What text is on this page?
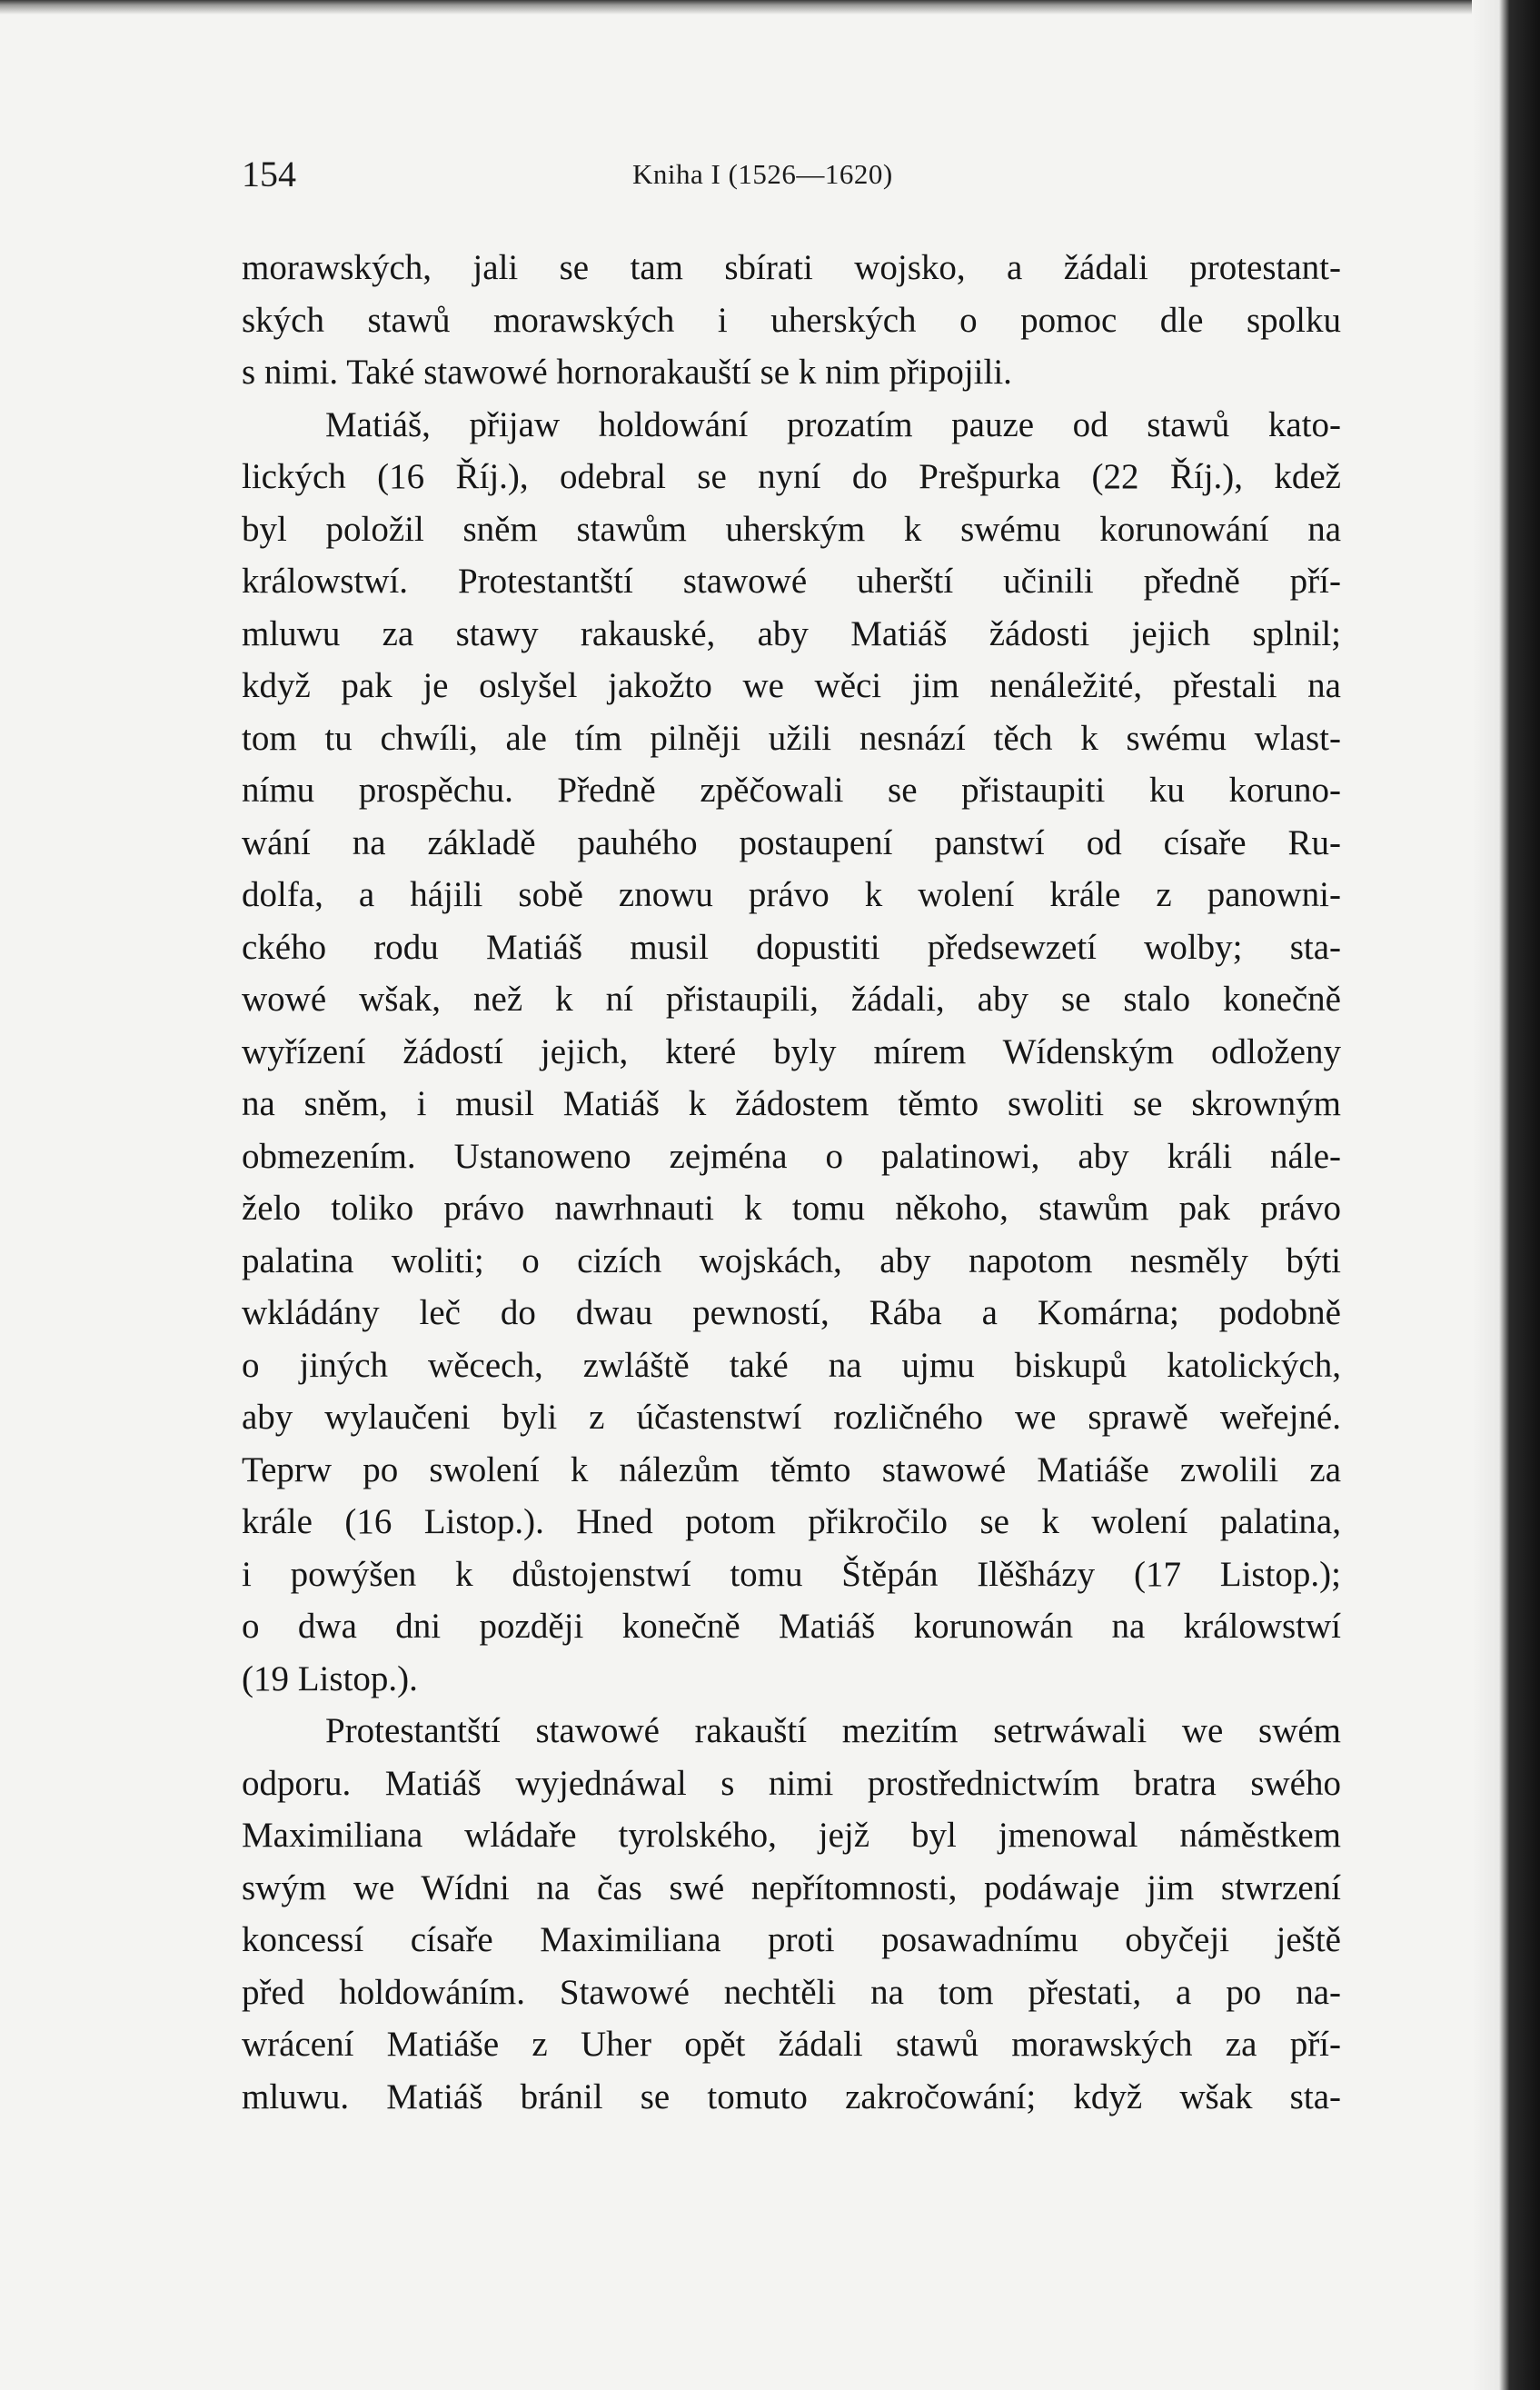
154	Kniha I (1526—1620)
morawských, jali se tam sbírati wojsko, a žádali protestant-
ských stawů morawských i uherských o pomoc dle spolku
s nimi. Také stawowé hornorakauští se k nim připojili.
Matiáš, přijaw holdowání prozatím pauze od stawů kato-
lických (16 Říj.), odebral se nyní do Prešpurka (22 Říj.), kdež
byl položil sněm stawům uherským k swému korunowání na
králowstwí. Protestantští stawowé uherští učinili předně pří-
mluwu za stawy rakauské, aby Matiáš žádosti jejich splnil;
když pak je oslyšel jakožto we wěci jim nenáležité, přestali na
tom tu chwíli, ale tím pilněji užili nesnází těch k swému wlast-
nímu prospěchu. Předně zpěčowali se přistaupiti ku koruno-
wání na základě pauhého postaupení panstwí od císaře Ru-
dolfa, a hájili sobě znowu právo k wolení krále z panowni-
ckého rodu Matiáš musil dopustiti předsewzetí wolby; sta-
wowé wšak, než k ní přistaupili, žádali, aby se stalo konečně
wyřízení žádostí jejich, které byly mírem Wídenským odloženy
na sněm, i musil Matiáš k žádostem těmto swoliti se skrowným
obmezením. Ustanoweno zejména o palatinowi, aby králi nále-
želo toliko právo nawrhnauti k tomu někoho, stawům pak právo
palatina woliti; o cizích wojskách, aby napotom nesměly býti
wkládány leč do dwau pewností, Rába a Komárna; podobně
o jiných wěcech, zwláště také na ujmu biskupů katolických,
aby wylaučeni byli z účastenstwí rozličného we sprawě weřejné.
Teprw po swolení k nálezům těmto stawowé Matiáše zwolili za
krále (16 Listop.). Hned potom přikročilo se k wolení palatina,
i powýšen k důstojenstwí tomu Štěpán Ilěšházy (17 Listop.);
o dwa dni později konečně Matiáš korunowán na králowstwí
(19 Listop.).
Protestantští stawowé rakauští mezitím setrwáwali we swém
odporu. Matiáš wyjednáwal s nimi prostřednictwím bratra swého
Maximiliana wládaře tyrolského, jejž byl jmenowal náměstkem
swým we Wídni na čas swé nepřítomnosti, podáwaje jim stwrzení
koncessí císaře Maximiliana proti posawadnímu obyčeji ještě
před holdowáním. Stawowé nechtěli na tom přestati, a po na-
wrácení Matiáše z Uher opět žádali stawů morawských za pří-
mluwu. Matiáš bránil se tomuto zakročowání; když wšak sta-
